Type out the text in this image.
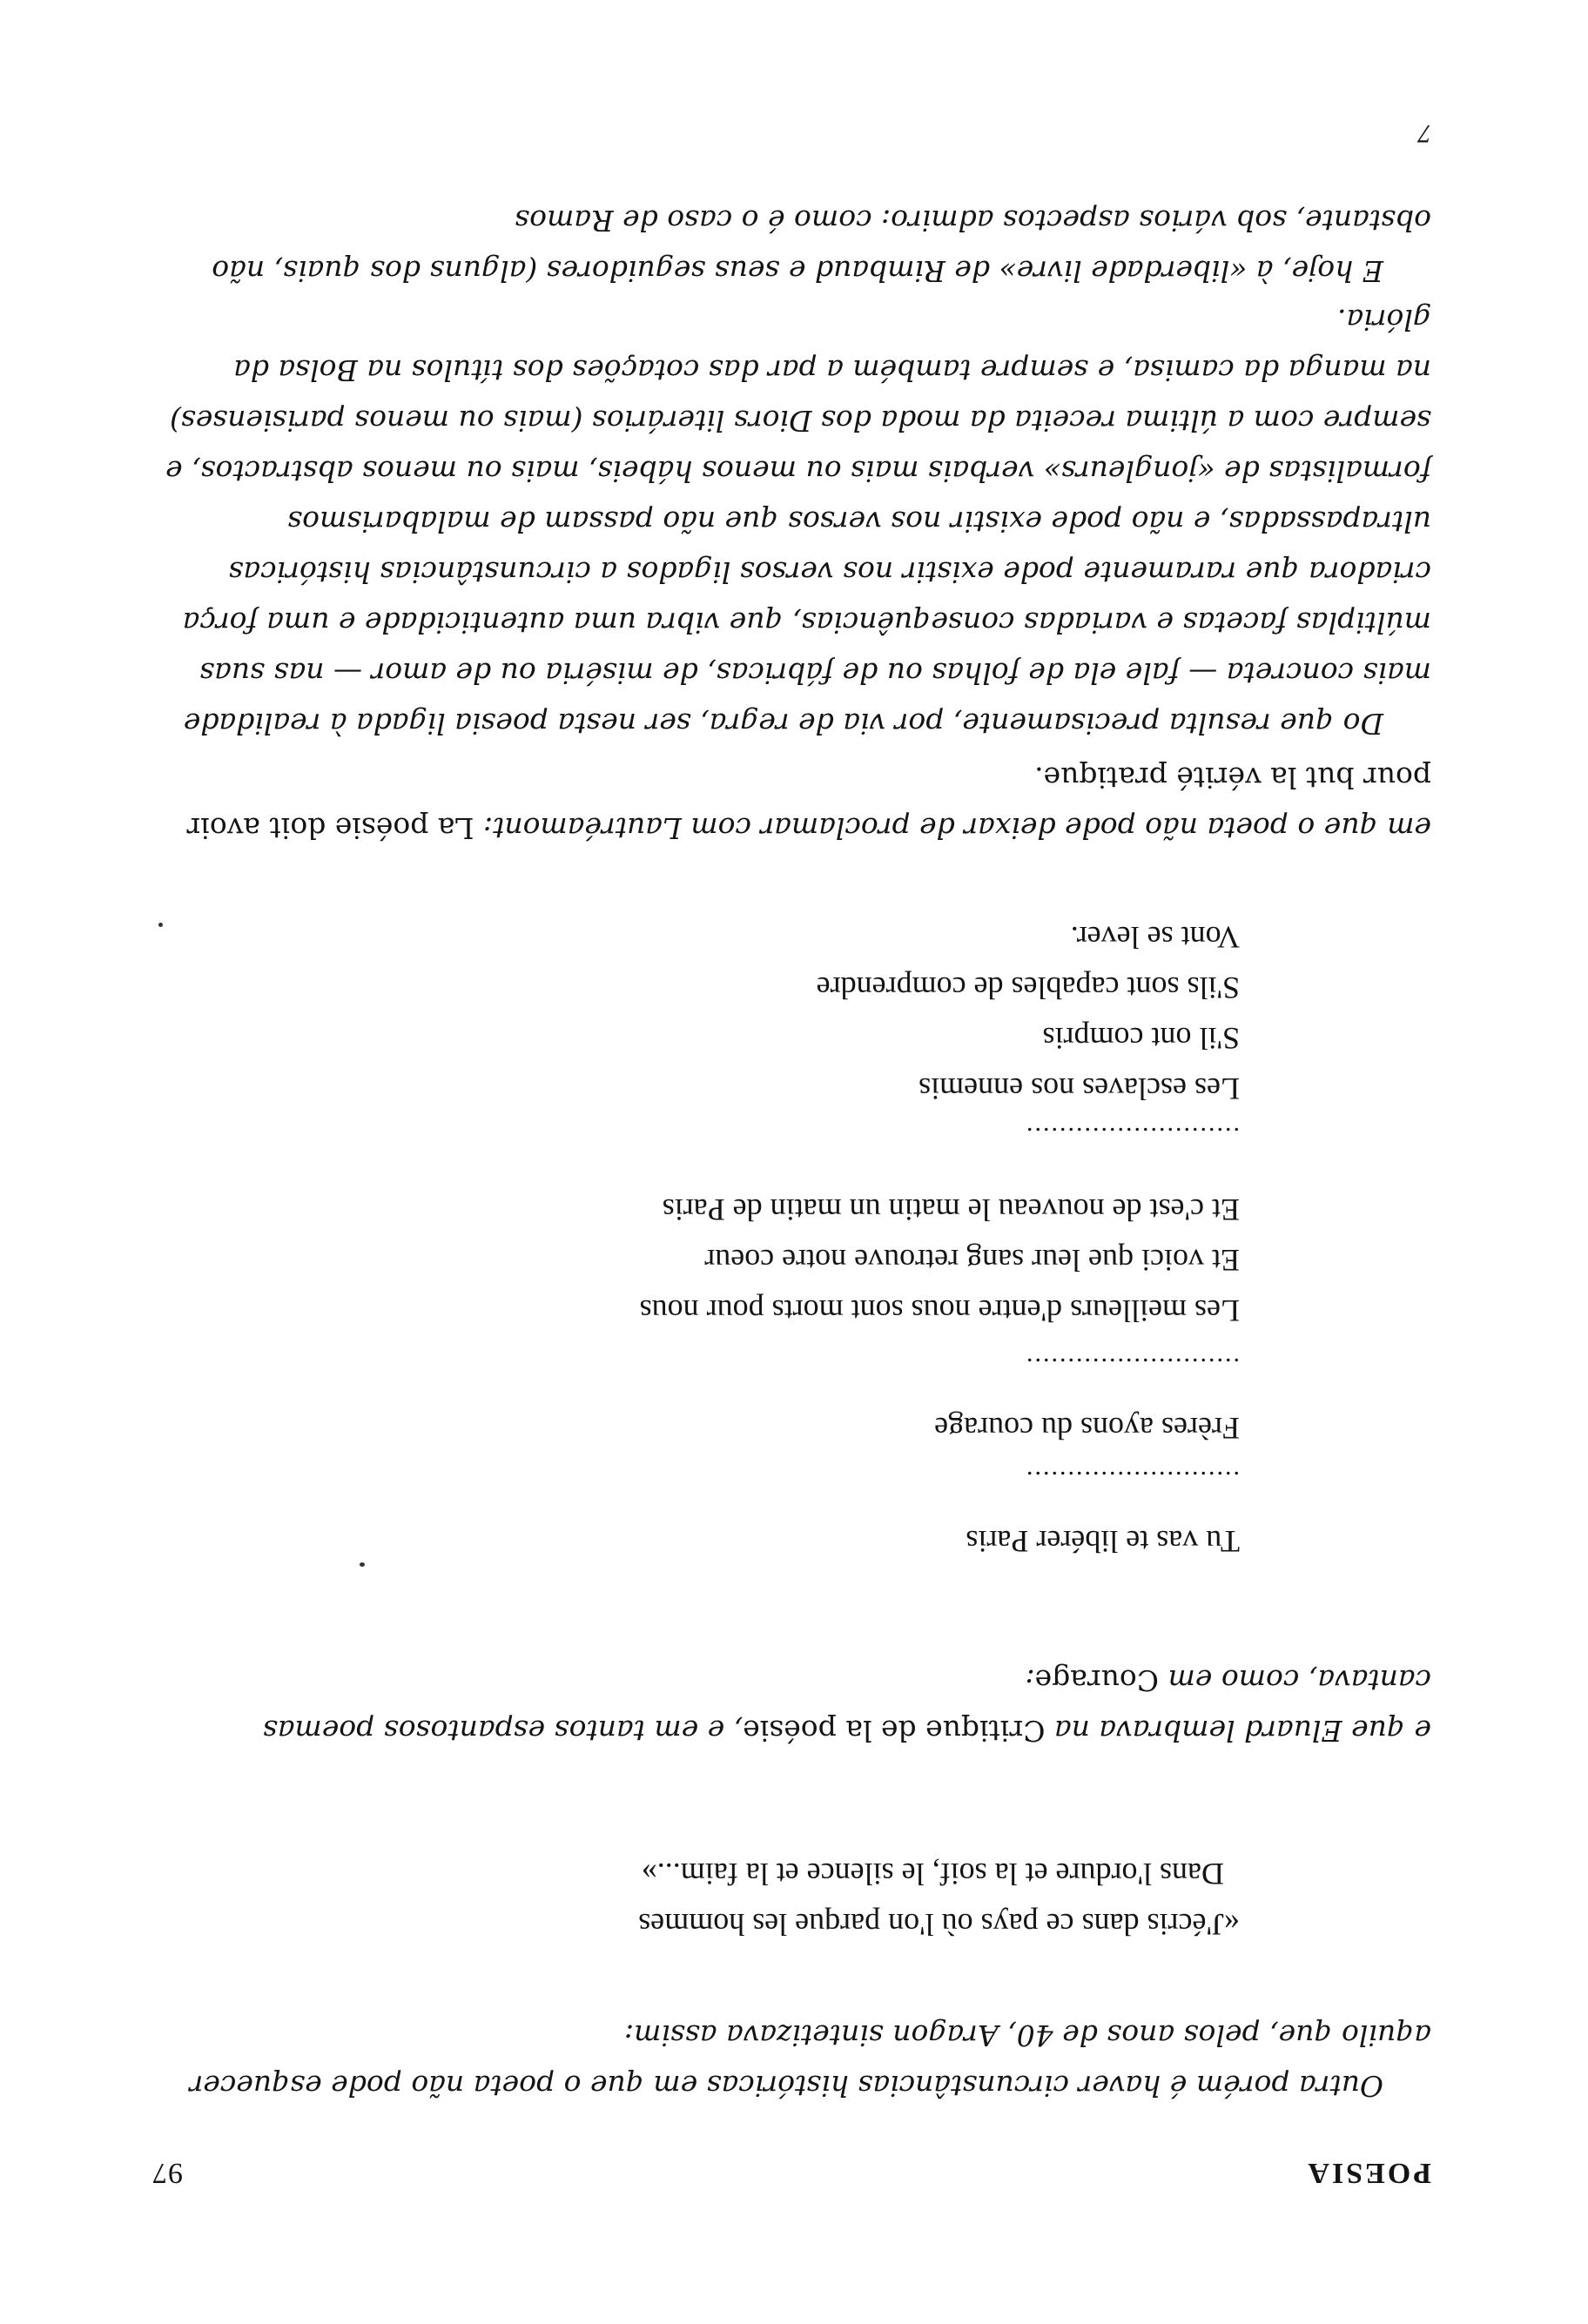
POESIA
97

Outra porém é haver circunstâncias históricas em que o poeta não pode esquecer aquilo que, pelos anos de 40, Aragon sintetizava assim:

«J'écris dans ce pays où l'on parque les hommes
Dans l'ordure et la soif, le silence et la faim...»

e que Eluard lembrava na Critique de la poésie, e em tantos espantosos poemas cantava, como em Courage:

Tu vas te libérer Paris
..........................
Frères ayons du courage
..........................
Les meilleurs d'entre nous sont morts pour nous
Et voici que leur sang retrouve notre coeur
Et c'est de nouveau le matin un matin de Paris
..........................
Les esclaves nos ennemis
S'il ont compris
S'ils sont capables de comprendre
Vont se lever.

em que o poeta não pode deixar de proclamar com Lautréamont: La poésie doit avoir pour but la vérité pratique.

Do que resulta precisamente, por via de regra, ser nesta poesia ligada à realidade mais concreta — fale ela de folhas ou de fábricas, de miséria ou de amor — nas suas múltiplas facetas e variadas consequências, que vibra uma autenticidade e uma força criadora que raramente pode existir nos versos ligados a circunstâncias históricas ultrapassadas, e não pode existir nos versos que não passam de malabarismos formalistas de «jongleurs» verbais mais ou menos hábeis, mais ou menos abstractos, e sempre com a última receita da moda dos Diors literários (mais ou menos parisienses) na manga da camisa, e sempre também a par das cotações dos títulos na Bolsa da glória.

E hoje, à «liberdade livre» de Rimbaud e seus seguidores (alguns dos quais, não obstante, sob vários aspectos admiro: como é o caso de Ramos

7
